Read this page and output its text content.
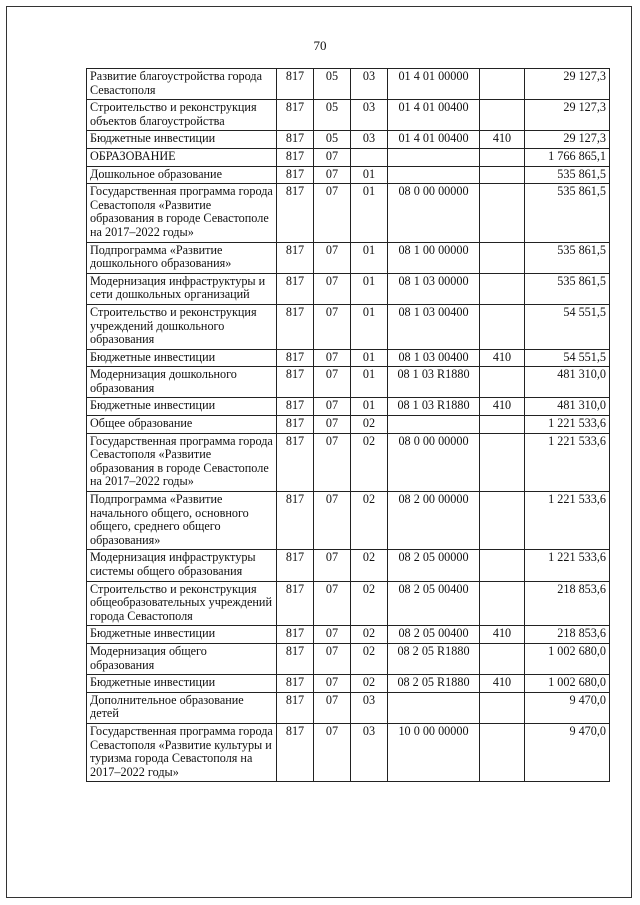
70
Развитие благоустройства города Севастополя	817	05	03	01 4 01 00000		29 127,3
Строительство и реконструкция объектов благоустройства	817	05	03	01 4 01 00400		29 127,3
Бюджетные инвестиции	817	05	03	01 4 01 00400	410	29 127,3
ОБРАЗОВАНИЕ	817	07				1 766 865,1
Дошкольное образование	817	07	01			535 861,5
Государственная программа города Севастополя «Развитие образования в городе Севастополе на 2017–2022 годы»	817	07	01	08 0 00 00000		535 861,5
Подпрограмма «Развитие дошкольного образования»	817	07	01	08 1 00 00000		535 861,5
Модернизация инфраструктуры и сети дошкольных организаций	817	07	01	08 1 03 00000		535 861,5
Строительство и реконструкция учреждений дошкольного образования	817	07	01	08 1 03 00400		54 551,5
Бюджетные инвестиции	817	07	01	08 1 03 00400	410	54 551,5
Модернизация дошкольного образования	817	07	01	08 1 03 R1880		481 310,0
Бюджетные инвестиции	817	07	01	08 1 03 R1880	410	481 310,0
Общее образование	817	07	02			1 221 533,6
Государственная программа города Севастополя «Развитие образования в городе Севастополе на 2017–2022 годы»	817	07	02	08 0 00 00000		1 221 533,6
Подпрограмма «Развитие начального общего, основного общего, среднего общего образования»	817	07	02	08 2 00 00000		1 221 533,6
Модернизация инфраструктуры системы общего образования	817	07	02	08 2 05 00000		1 221 533,6
Строительство и реконструкция общеобразовательных учреждений города Севастополя	817	07	02	08 2 05 00400		218 853,6
Бюджетные инвестиции	817	07	02	08 2 05 00400	410	218 853,6
Модернизация общего образования	817	07	02	08 2 05 R1880		1 002 680,0
Бюджетные инвестиции	817	07	02	08 2 05 R1880	410	1 002 680,0
Дополнительное образование детей	817	07	03			9 470,0
Государственная программа города Севастополя «Развитие культуры и туризма города Севастополя на 2017–2022 годы»	817	07	03	10 0 00 00000		9 470,0
